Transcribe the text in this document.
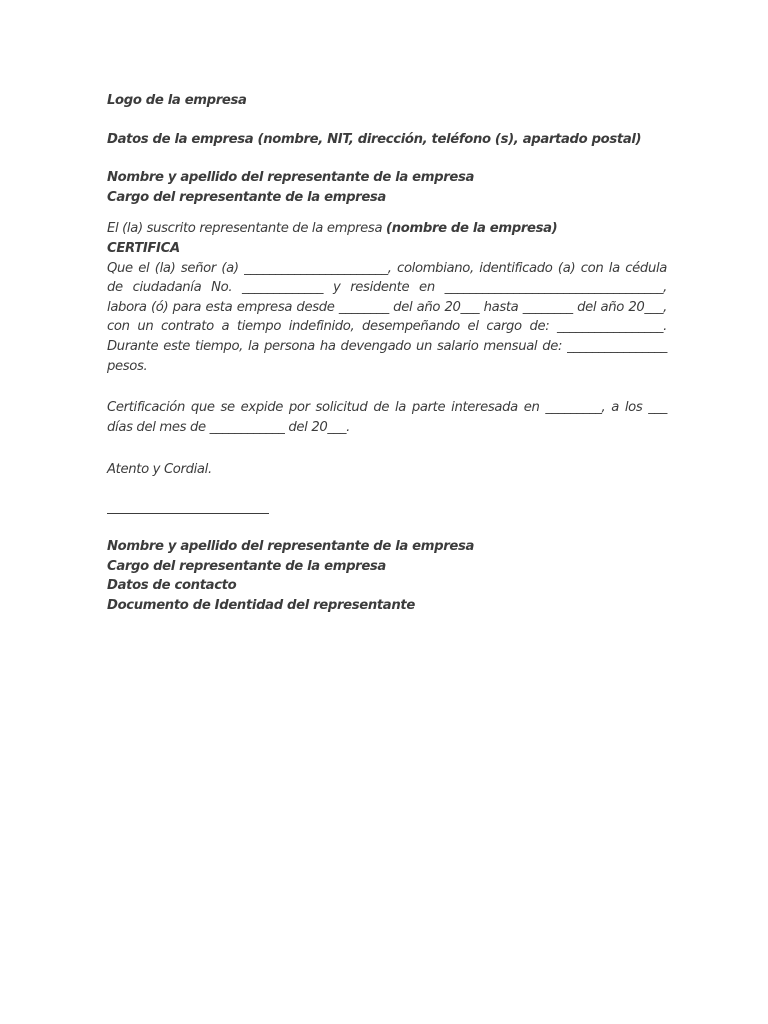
Logo de la empresa
Datos de la empresa (nombre, NIT, dirección, teléfono (s), apartado postal)
Nombre y apellido del representante de la empresa
Cargo del representante de la empresa
El (la) suscrito representante de la empresa (nombre de la empresa)
CERTIFICA
Que el (la) señor (a) _______________________, colombiano, identificado (a) con la cédula de ciudadanía No. _____________ y residente en ___________________________________, labora (ó) para esta empresa desde ________ del año 20___ hasta ________ del año 20___, con un contrato a tiempo indefinido, desempeñando el cargo de: _________________. Durante este tiempo, la persona ha devengado un salario mensual de: ________________ pesos.
Certificación que se expide por solicitud de la parte interesada en _________, a los ___ días del mes de ____________ del 20___.
Atento y Cordial.
Nombre y apellido del representante de la empresa
Cargo del representante de la empresa
Datos de contacto
Documento de Identidad del representante
